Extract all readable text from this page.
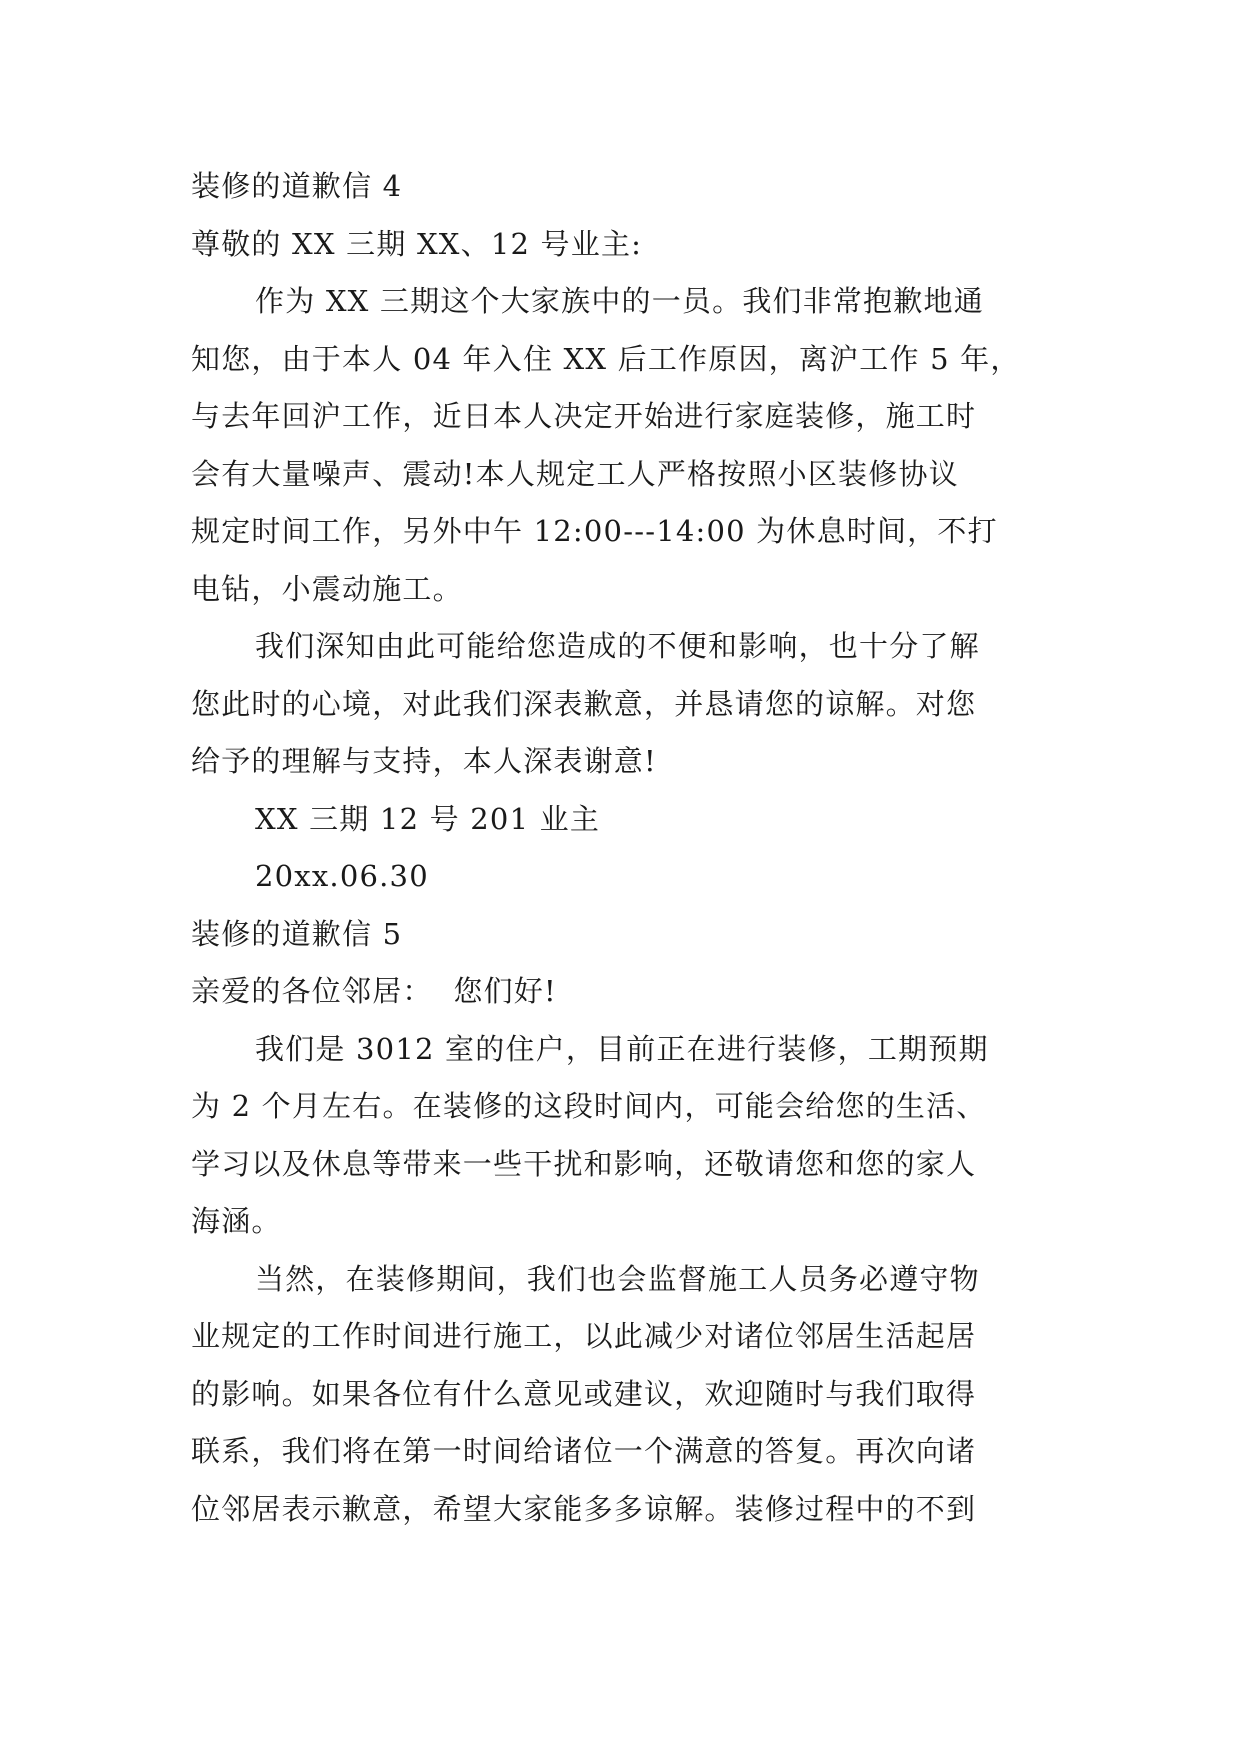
装修的道歉信 4
尊敬的 XX 三期 XX、12 号业主:
作为 XX 三期这个大家族中的一员。我们非常抱歉地通
知您，由于本人 04 年入住 XX 后工作原因，离沪工作 5 年，
与去年回沪工作，近日本人决定开始进行家庭装修，施工时
会有大量噪声、震动!本人规定工人严格按照小区装修协议
规定时间工作，另外中午 12:00---14:00 为休息时间，不打
电钻，小震动施工。
我们深知由此可能给您造成的不便和影响，也十分了解
您此时的心境，对此我们深表歉意，并恳请您的谅解。对您
给予的理解与支持，本人深表谢意!
XX 三期 12 号 201 业主
20xx.06.30
装修的道歉信 5
亲爱的各位邻居：  您们好!
我们是 3012 室的住户，目前正在进行装修，工期预期
为 2 个月左右。在装修的这段时间内，可能会给您的生活、
学习以及休息等带来一些干扰和影响，还敬请您和您的家人
海涵。
当然，在装修期间，我们也会监督施工人员务必遵守物
业规定的工作时间进行施工，以此减少对诸位邻居生活起居
的影响。如果各位有什么意见或建议，欢迎随时与我们取得
联系，我们将在第一时间给诸位一个满意的答复。再次向诸
位邻居表示歉意，希望大家能多多谅解。装修过程中的不到
